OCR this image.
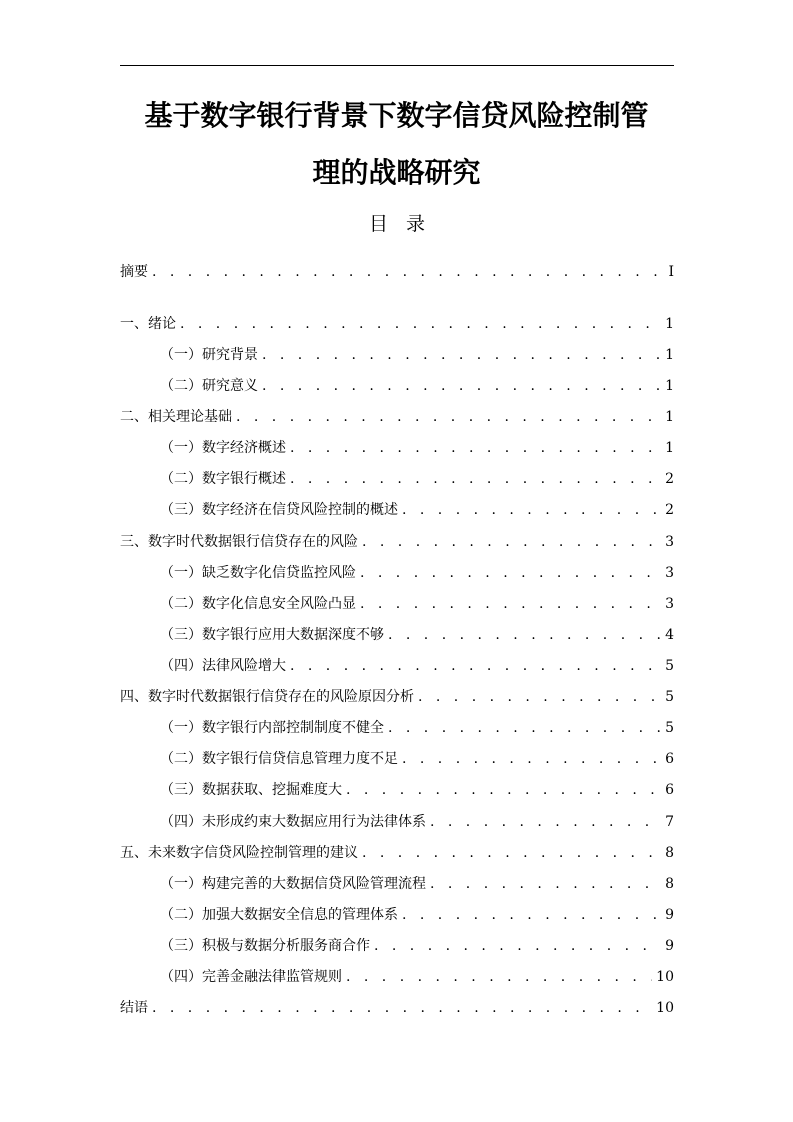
基于数字银行背景下数字信贷风险控制管
理的战略研究
目录
摘要 . . .	I
一、绪论 . . .	1
（一）研究背景 . . .	1
（二）研究意义 . . .	1
二、相关理论基础 . . .	1
（一）数字经济概述 . . .	1
（二）数字银行概述 . . .	2
（三）数字经济在信贷风险控制的概述 . . .	2
三、数字时代数据银行信贷存在的风险 . . .	3
（一）缺乏数字化信贷监控风险 . . .	3
（二）数字化信息安全风险凸显 . . .	3
（三）数字银行应用大数据深度不够 . . .	4
（四）法律风险增大 . . .	5
四、数字时代数据银行信贷存在的风险原因分析 . . .	5
（一）数字银行内部控制制度不健全 . . .	5
（二）数字银行信贷信息管理力度不足 . . .	6
（三）数据获取、挖掘难度大 . . .	6
（四）未形成约束大数据应用行为法律体系 . . .	7
五、未来数字信贷风险控制管理的建议 . . .	8
（一）构建完善的大数据信贷风险管理流程 . . .	8
（二）加强大数据安全信息的管理体系 . . .	9
（三）积极与数据分析服务商合作 . . .	9
（四）完善金融法律监管规则 . . .	10
结语 . . .	10
